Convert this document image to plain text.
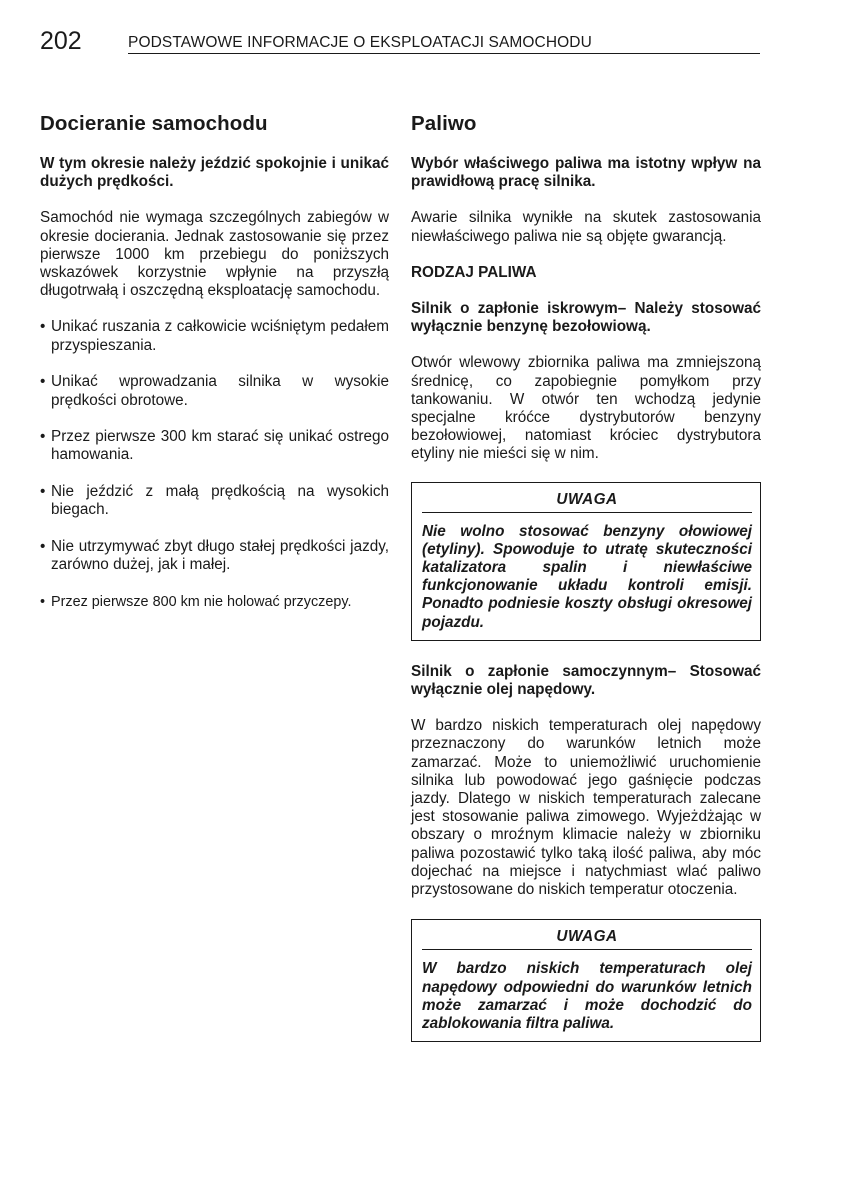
202	PODSTAWOWE INFORMACJE O EKSPLOATACJI SAMOCHODU
Docieranie samochodu

W tym okresie należy jeździć spokojnie i unikać dużych prędkości.

Samochód nie wymaga szczególnych zabiegów w okresie docierania. Jednak zastosowanie się przez pierwsze 1000 km przebiegu do poniższych wskazówek korzystnie wpłynie na przyszłą długotrwałą i oszczędną eksploatację samochodu.

• Unikać ruszania z całkowicie wciśniętym pedałem przyspieszania.
• Unikać wprowadzania silnika w wysokie prędkości obrotowe.
• Przez pierwsze 300 km starać się unikać ostrego hamowania.
• Nie jeździć z małą prędkością na wysokich biegach.
• Nie utrzymywać zbyt długo stałej prędkości jazdy, zarówno dużej, jak i małej.
• Przez pierwsze 800 km nie holować przyczepy.
Paliwo

Wybór właściwego paliwa ma istotny wpływ na prawidłową pracę silnika.

Awarie silnika wynikłe na skutek zastosowania niewłaściwego paliwa nie są objęte gwarancją.

RODZAJ PALIWA

Silnik o zapłonie iskrowym– Należy stosować wyłącznie benzynę bezołowiową.

Otwór wlewowy zbiornika paliwa ma zmniejszoną średnicę, co zapobiegnie pomyłkom przy tankowaniu. W otwór ten wchodzą jedynie specjalne króćce dystrybutorów benzyny bezołowiowej, natomiast króciec dystrybutora etyliny nie mieści się w nim.

UWAGA
Nie wolno stosować benzyny ołowiowej (etyliny). Spowoduje to utratę skuteczności katalizatora spalin i niewłaściwe funkcjonowanie układu kontroli emisji. Ponadto podniesie koszty obsługi okresowej pojazdu.

Silnik o zapłonie samoczynnym– Stosować wyłącznie olej napędowy.

W bardzo niskich temperaturach olej napędowy przeznaczony do warunków letnich może zamarzać. Może to uniemożliwić uruchomienie silnika lub powodować jego gaśnięcie podczas jazdy. Dlatego w niskich temperaturach zalecane jest stosowanie paliwa zimowego. Wyjeżdżając w obszary o mroźnym klimacie należy w zbiorniku paliwa pozostawić tylko taką ilość paliwa, aby móc dojechać na miejsce i natychmiast wlać paliwo przystosowane do niskich temperatur otoczenia.

UWAGA
W bardzo niskich temperaturach olej napędowy odpowiedni do warunków letnich może zamarzać i może dochodzić do zablokowania filtra paliwa.
